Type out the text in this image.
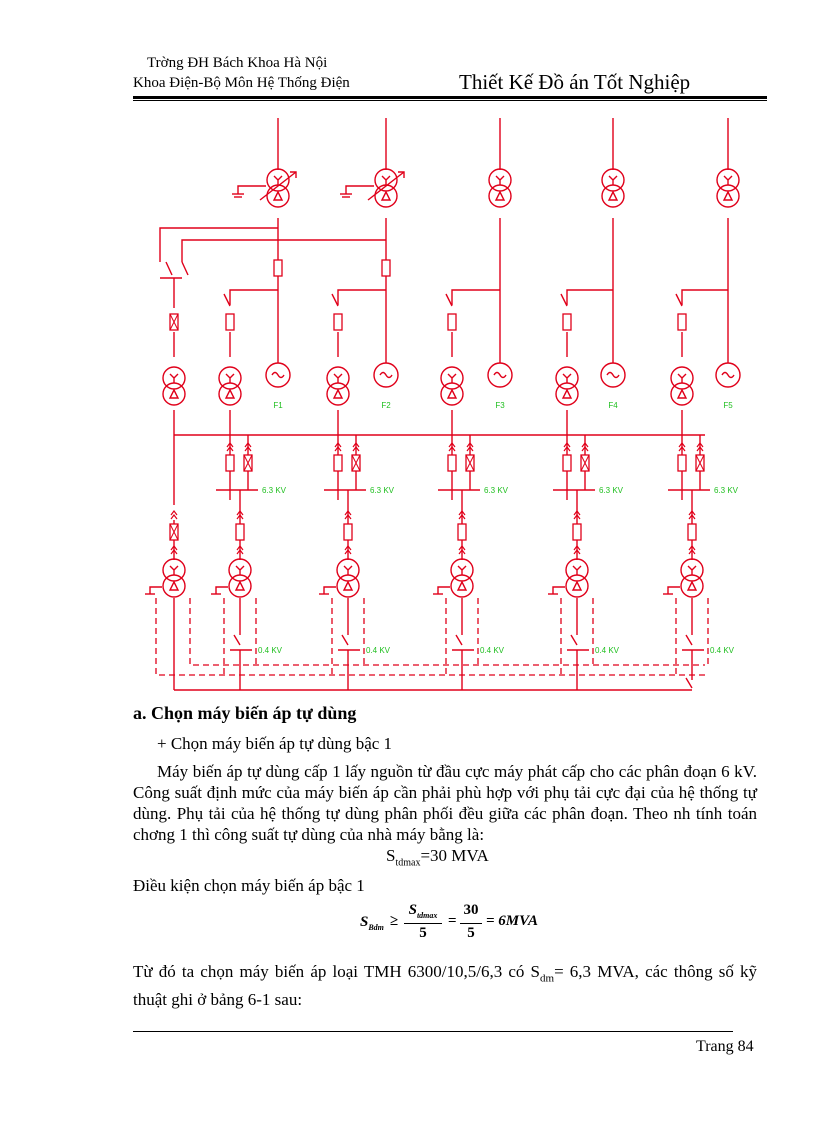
Trờng ĐH Bách Khoa Hà Nội
Khoa Điện-Bộ Môn Hệ Thống Điện	Thiết Kế Đồ án Tốt Nghiệp
F1	F2	F3	F4	F5
6.3 KV	6.3 KV	6.3 KV	6.3 KV	6.3 KV
0.4 KV	0.4 KV	0.4 KV	0.4 KV	0.4 KV
a. Chọn máy biến áp tự dùng
+ Chọn máy biến áp tự dùng bậc 1
Máy biến áp tự dùng cấp 1 lấy nguồn từ đầu cực máy phát cấp cho các phân đoạn 6 kV. Công suất định mức của máy biến áp cần phải phù hợp với phụ tải cực đại của hệ thống tự dùng. Phụ tải của hệ thống tự dùng phân phối đều giữa các phân đoạn. Theo nh tính toán chơng 1 thì công suất tự dùng của nhà máy bằng là:
$S_{tdmax}=30$ MVA
Điều kiện chọn máy biến áp bậc 1
$S_{Bdm}$ ≥
$S_{tdmax}$
5
=
30
5
= 6MVA
Từ đó ta chọn máy biến áp loại TMH 6300/10,5/6,3 có $S_{dm}= 6,3$ MVA, các thông số kỹ thuật ghi ở bảng 6-1 sau:
Trang 84
